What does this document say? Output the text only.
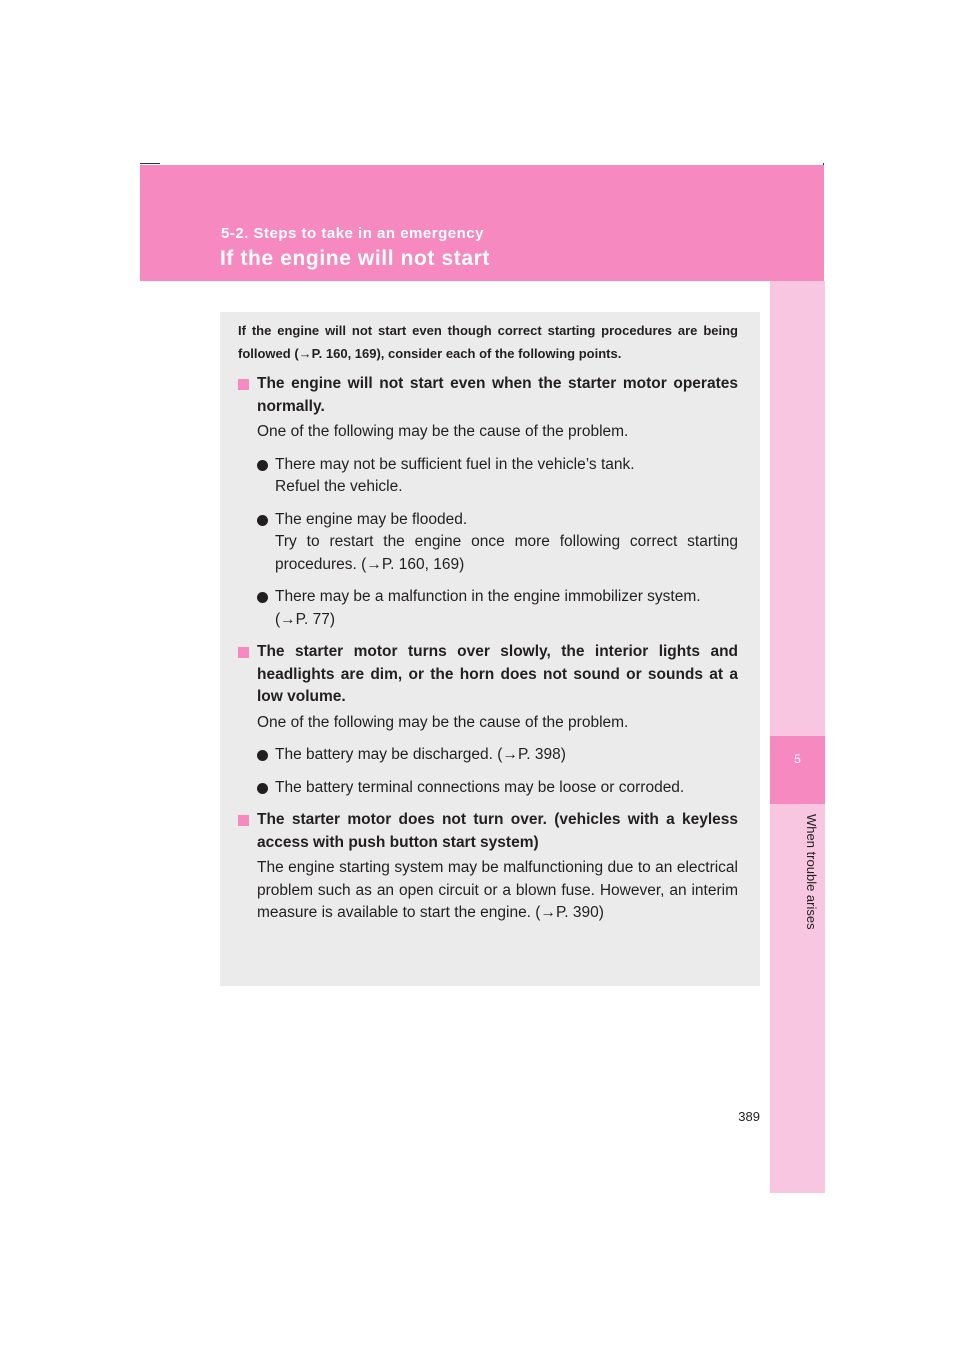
5-2. Steps to take in an emergency
If the engine will not start
5
When trouble arises

If the engine will not start even though correct starting procedures are being followed (→P. 160, 169), consider each of the following points.

The engine will not start even when the starter motor operates normally.

One of the following may be the cause of the problem.

There may not be sufficient fuel in the vehicle’s tank.
Refuel the vehicle.
The engine may be flooded.
Try to restart the engine once more following correct starting procedures. (→P. 160, 169)
There may be a malfunction in the engine immobilizer system.
(→P. 77)
The starter motor turns over slowly, the interior lights and headlights are dim, or the horn does not sound or sounds at a low volume.

One of the following may be the cause of the problem.

The battery may be discharged. (→P. 398)
The battery terminal connections may be loose or corroded.
The starter motor does not turn over. (vehicles with a keyless access with push button start system)

The engine starting system may be malfunctioning due to an electrical problem such as an open circuit or a blown fuse. However, an interim measure is available to start the engine. (→P. 390)

389
